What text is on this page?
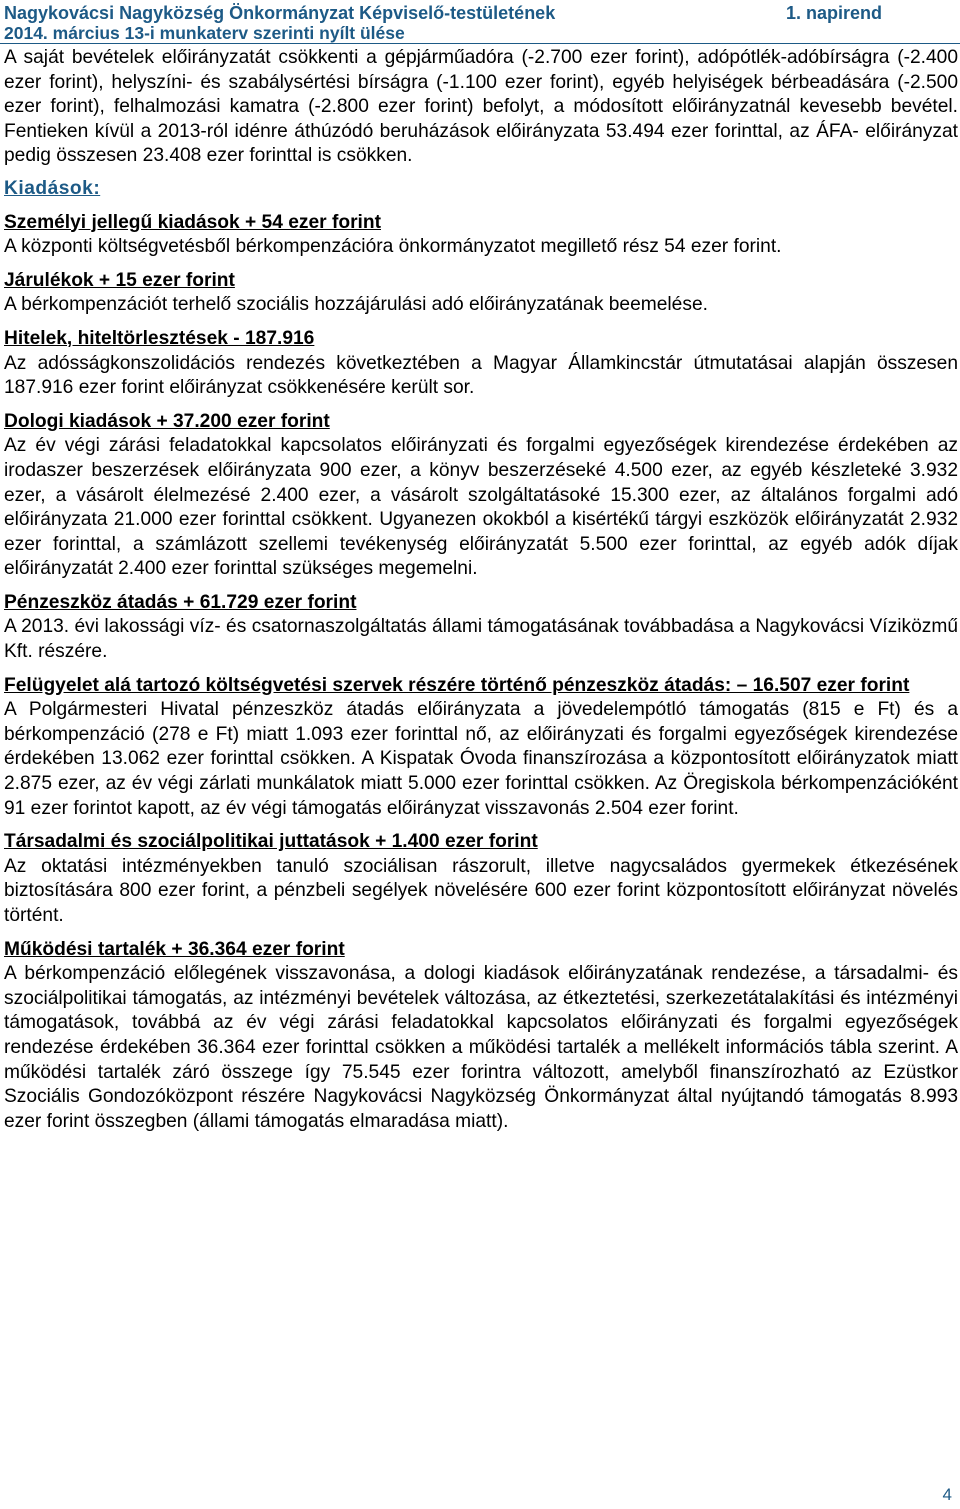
Nagykovácsi Nagyközség Önkormányzat Képviselő-testületének	1. napirend
2014. március 13-i munkaterv szerinti nyílt ülése

A saját bevételek előirányzatát csökkenti a gépjárműadóra (-2.700 ezer forint), adópótlék-adóbírságra (-2.400 ezer forint), helyszíni- és szabálysértési bírságra (-1.100 ezer forint), egyéb helyiségek bérbeadására (-2.500 ezer forint), felhalmozási kamatra (-2.800 ezer forint) befolyt, a módosított előirányzatnál kevesebb bevétel. Fentieken kívül a 2013-ról idénre áthúzódó beruházások előirányzata 53.494 ezer forinttal, az ÁFA- előirányzat pedig összesen 23.408 ezer forinttal is csökken.

Kiadások:
Személyi jellegű kiadások + 54 ezer forint

A központi költségvetésből bérkompenzációra önkormányzatot megillető rész 54 ezer forint.

Járulékok + 15 ezer forint

A bérkompenzációt terhelő szociális hozzájárulási adó előirányzatának beemelése.

Hitelek, hiteltörlesztések - 187.916

Az adósságkonszolidációs rendezés következtében a Magyar Államkincstár útmutatásai alapján összesen 187.916 ezer forint előirányzat csökkenésére került sor.

Dologi kiadások + 37.200 ezer forint

Az év végi zárási feladatokkal kapcsolatos előirányzati és forgalmi egyezőségek kirendezése érdekében az irodaszer beszerzések előirányzata 900 ezer, a könyv beszerzéseké 4.500 ezer, az egyéb készleteké 3.932 ezer, a vásárolt élelmezésé 2.400 ezer, a vásárolt szolgáltatásoké 15.300 ezer, az általános forgalmi adó előirányzata 21.000 ezer forinttal csökkent. Ugyanezen okokból a kisértékű tárgyi eszközök előirányzatát 2.932 ezer forinttal, a számlázott szellemi tevékenység előirányzatát 5.500 ezer forinttal, az egyéb adók díjak előirányzatát 2.400 ezer forinttal szükséges megemelni.

Pénzeszköz átadás + 61.729 ezer forint

A 2013. évi lakossági víz- és csatornaszolgáltatás állami támogatásának továbbadása a Nagykovácsi Víziközmű Kft. részére.

Felügyelet alá tartozó költségvetési szervek részére történő pénzeszköz átadás: – 16.507 ezer forint

A Polgármesteri Hivatal pénzeszköz átadás előirányzata a jövedelempótló támogatás (815 e Ft) és a bérkompenzáció (278 e Ft) miatt 1.093 ezer forinttal nő, az előirányzati és forgalmi egyezőségek kirendezése érdekében 13.062 ezer forinttal csökken. A Kispatak Óvoda finanszírozása a központosított előirányzatok miatt 2.875 ezer, az év végi zárlati munkálatok miatt 5.000 ezer forinttal csökken. Az Öregiskola bérkompenzációként 91 ezer forintot kapott, az év végi támogatás előirányzat visszavonás 2.504 ezer forint.

Társadalmi és szociálpolitikai juttatások + 1.400 ezer forint

Az oktatási intézményekben tanuló szociálisan rászorult, illetve nagycsaládos gyermekek étkezésének biztosítására 800 ezer forint, a pénzbeli segélyek növelésére 600 ezer forint központosított előirányzat növelés történt.

Működési tartalék + 36.364 ezer forint

A bérkompenzáció előlegének visszavonása, a dologi kiadások előirányzatának rendezése, a társadalmi- és szociálpolitikai támogatás, az intézményi bevételek változása, az étkeztetési, szerkezetátalakítási és intézményi támogatások, továbbá az év végi zárási feladatokkal kapcsolatos előirányzati és forgalmi egyezőségek rendezése érdekében 36.364 ezer forinttal csökken a működési tartalék a mellékelt információs tábla szerint. A működési tartalék záró összege így 75.545 ezer forintra változott, amelyből finanszírozható az Ezüstkor Szociális Gondozóközpont részére Nagykovácsi Nagyközség Önkormányzat által nyújtandó támogatás 8.993 ezer forint összegben (állami támogatás elmaradása miatt).

4
